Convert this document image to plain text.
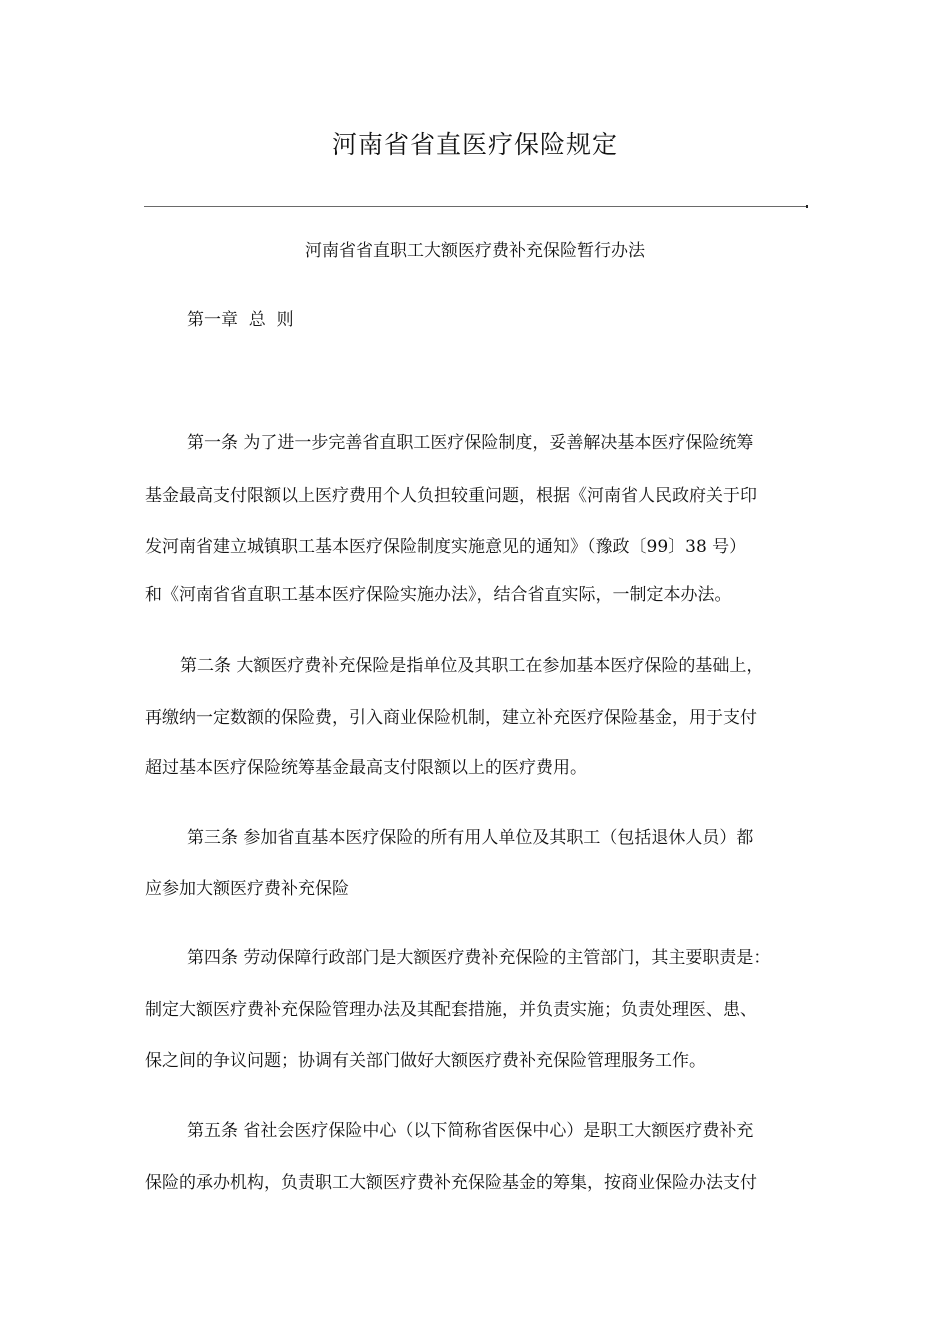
河南省省直医疗保险规定
河南省省直职工大额医疗费补充保险暂行办法
第一章  总  则
第一条 为了进一步完善省直职工医疗保险制度，妥善解决基本医疗保险统筹
基金最高支付限额以上医疗费用个人负担较重问题，根据《河南省人民政府关于印
发河南省建立城镇职工基本医疗保险制度实施意见的通知》（豫政〔99〕38 号）
和《河南省省直职工基本医疗保险实施办法》，结合省直实际，一制定本办法。
第二条 大额医疗费补充保险是指单位及其职工在参加基本医疗保险的基础上，
再缴纳一定数额的保险费，引入商业保险机制，建立补充医疗保险基金，用于支付
超过基本医疗保险统筹基金最高支付限额以上的医疗费用。
第三条 参加省直基本医疗保险的所有用人单位及其职工（包括退休人员）都
应参加大额医疗费补充保险
第四条 劳动保障行政部门是大额医疗费补充保险的主管部门，其主要职责是：
制定大额医疗费补充保险管理办法及其配套措施，并负责实施；负责处理医、患、
保之间的争议问题；协调有关部门做好大额医疗费补充保险管理服务工作。
第五条 省社会医疗保险中心（以下简称省医保中心）是职工大额医疗费补充
保险的承办机构，负责职工大额医疗费补充保险基金的筹集，按商业保险办法支付
